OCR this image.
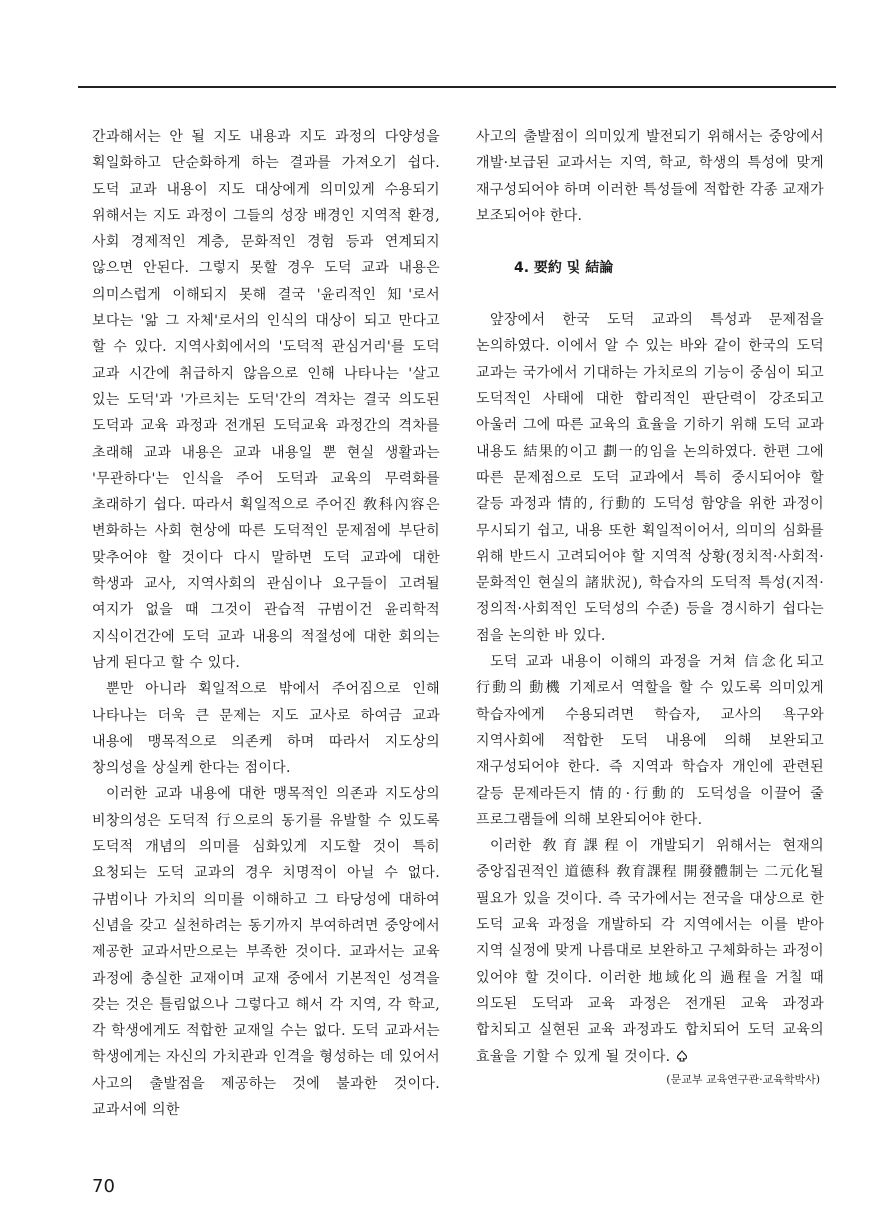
간과해서는 안 될 지도 내용과 지도 과정의 다양성을 획일화하고 단순화하게 하는 결과를 가져오기 쉽다. 도덕 교과 내용이 지도 대상에게 의미있게 수용되기 위해서는 지도 과정이 그들의 성장 배경인 지역적 환경, 사회 경제적인 계층, 문화적인 경험 등과 연계되지 않으면 안된다. 그렇지 못할 경우 도덕 교과 내용은 의미스럽게 이해되지 못해 결국 '윤리적인 知'로서 보다는 '앎 그 자체'로서의 인식의 대상이 되고 만다고 할 수 있다. 지역사회에서의 '도덕적 관심거리'를 도덕 교과 시간에 취급하지 않음으로 인해 나타나는 '살고 있는 도덕'과 '가르치는 도덕'간의 격차는 결국 의도된 도덕과 교육 과정과 전개된 도덕교육 과정간의 격차를 초래해 교과 내용은 교과 내용일 뿐 현실 생활과는 '무관하다'는 인식을 주어 도덕과 교육의 무력화를 초래하기 쉽다. 따라서 획일적으로 주어진 敎科內容은 변화하는 사회 현상에 따른 도덕적인 문제점에 부단히 맞추어야 할 것이다 다시 말하면 도덕 교과에 대한 학생과 교사, 지역사회의 관심이나 요구들이 고려될 여지가 없을 때 그것이 관습적 규범이건 윤리학적 지식이건간에 도덕 교과 내용의 적절성에 대한 회의는 남게 된다고 할 수 있다.

뿐만 아니라 획일적으로 밖에서 주어짐으로 인해 나타나는 더욱 큰 문제는 지도 교사로 하여금 교과 내용에 맹목적으로 의존케 하며 따라서 지도상의 창의성을 상실케 한다는 점이다.

이러한 교과 내용에 대한 맹목적인 의존과 지도상의 비창의성은 도덕적 行으로의 동기를 유발할 수 있도록 도덕적 개념의 의미를 심화있게 지도할 것이 특히 요청되는 도덕 교과의 경우 치명적이 아닐 수 없다. 규범이나 가치의 의미를 이해하고 그 타당성에 대하여 신념을 갖고 실천하려는 동기까지 부여하려면 중앙에서 제공한 교과서만으로는 부족한 것이다. 교과서는 교육 과정에 충실한 교재이며 교재 중에서 기본적인 성격을 갖는 것은 틀림없으나 그렇다고 해서 각 지역, 각 학교, 각 학생에게도 적합한 교재일 수는 없다. 도덕 교과서는 학생에게는 자신의 가치관과 인격을 형성하는 데 있어서 사고의 출발점을 제공하는 것에 불과한 것이다. 교과서에 의한

사고의 출발점이 의미있게 발전되기 위해서는 중앙에서 개발·보급된 교과서는 지역, 학교, 학생의 특성에 맞게 재구성되어야 하며 이러한 특성들에 적합한 각종 교재가 보조되어야 한다.

4. 要約 및 結論

앞장에서 한국 도덕 교과의 특성과 문제점을 논의하였다. 이에서 알 수 있는 바와 같이 한국의 도덕 교과는 국가에서 기대하는 가치로의 기능이 중심이 되고 도덕적인 사태에 대한 합리적인 판단력이 강조되고 아울러 그에 따른 교육의 효율을 기하기 위해 도덕 교과 내용도 結果的이고 劃一的임을 논의하였다. 한편 그에 따른 문제점으로 도덕 교과에서 특히 중시되어야 할 갈등 과정과 情的, 行動的 도덕성 함양을 위한 과정이 무시되기 쉽고, 내용 또한 획일적이어서, 의미의 심화를 위해 반드시 고려되어야 할 지역적 상황(정치적·사회적·문화적인 현실의 諸狀況), 학습자의 도덕적 특성(지적·정의적·사회적인 도덕성의 수준) 등을 경시하기 쉽다는 점을 논의한 바 있다.

도덕 교과 내용이 이해의 과정을 거쳐 信念化되고 行動의 動機 기제로서 역할을 할 수 있도록 의미있게 학습자에게 수용되려면 학습자, 교사의 욕구와 지역사회에 적합한 도덕 내용에 의해 보완되고 재구성되어야 한다. 즉 지역과 학습자 개인에 관련된 갈등 문제라든지 情的·行動的 도덕성을 이끌어 줄 프로그램들에 의해 보완되어야 한다.

이러한 敎育課程이 개발되기 위해서는 현재의 중앙집권적인 道德科 敎育課程 開發體制는 二元化될 필요가 있을 것이다. 즉 국가에서는 전국을 대상으로 한 도덕 교육 과정을 개발하되 각 지역에서는 이를 받아 지역 실정에 맞게 나름대로 보완하고 구체화하는 과정이 있어야 할 것이다. 이러한 地域化의 過程을 거칠 때 의도된 도덕과 교육 과정은 전개된 교육 과정과 합치되고 실현된 교육 과정과도 합치되어 도덕 교육의 효율을 기할 수 있게 될 것이다.

(문교부 교육연구관·교육학박사)

70
